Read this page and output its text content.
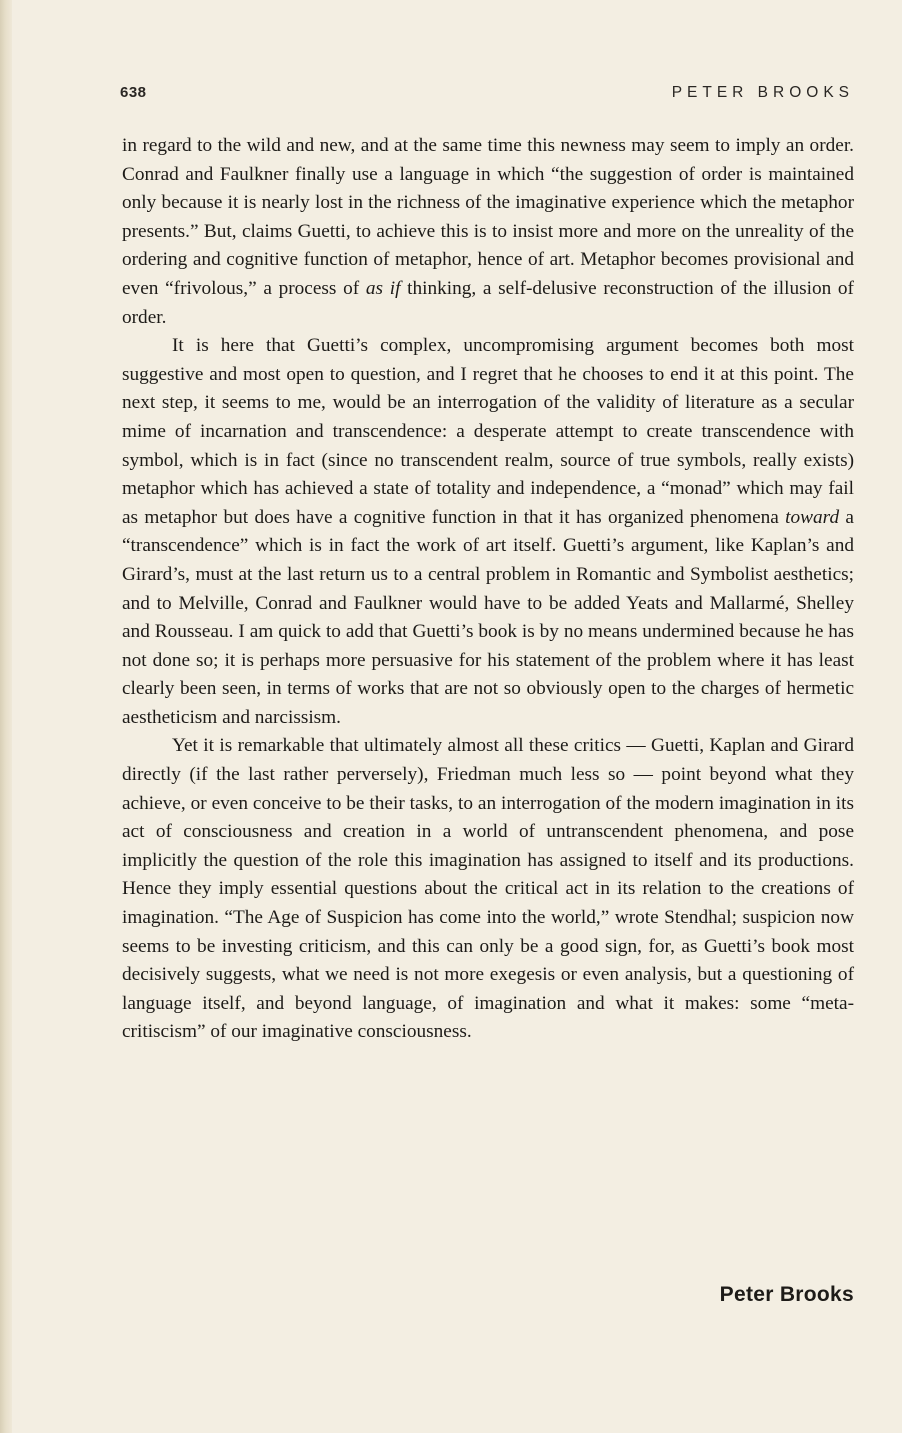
638	PETER BROOKS

in regard to the wild and new, and at the same time this newness may seem to imply an order. Conrad and Faulkner finally use a language in which “the suggestion of order is maintained only because it is nearly lost in the richness of the imaginative experience which the metaphor presents.” But, claims Guetti, to achieve this is to insist more and more on the unreality of the ordering and cognitive function of metaphor, hence of art. Metaphor becomes provisional and even “frivolous,” a process of as if thinking, a self-delusive reconstruction of the illusion of order.

It is here that Guetti’s complex, uncompromising argument becomes both most suggestive and most open to question, and I regret that he chooses to end it at this point. The next step, it seems to me, would be an interrogation of the validity of literature as a secular mime of incarnation and transcendence: a desperate attempt to create transcendence with symbol, which is in fact (since no transcendent realm, source of true symbols, really exists) metaphor which has achieved a state of totality and independence, a “monad” which may fail as metaphor but does have a cognitive function in that it has organized phenomena toward a “transcendence” which is in fact the work of art itself. Guetti’s argument, like Kaplan’s and Girard’s, must at the last return us to a central problem in Romantic and Symbolist aesthetics; and to Melville, Conrad and Faulkner would have to be added Yeats and Mallarmé, Shelley and Rousseau. I am quick to add that Guetti’s book is by no means undermined because he has not done so; it is perhaps more persuasive for his statement of the problem where it has least clearly been seen, in terms of works that are not so obviously open to the charges of hermetic aestheticism and narcissism.

Yet it is remarkable that ultimately almost all these critics — Guetti, Kaplan and Girard directly (if the last rather perversely), Friedman much less so — point beyond what they achieve, or even conceive to be their tasks, to an interrogation of the modern imagination in its act of consciousness and creation in a world of untranscendent phenomena, and pose implicitly the question of the role this imagination has assigned to itself and its productions. Hence they imply essential questions about the critical act in its relation to the creations of imagination. “The Age of Suspicion has come into the world,” wrote Stendhal; suspicion now seems to be investing criticism, and this can only be a good sign, for, as Guetti’s book most decisively suggests, what we need is not more exegesis or even analysis, but a questioning of language itself, and beyond language, of imagination and what it makes: some “meta-critiscism” of our imaginative consciousness.

Peter Brooks
